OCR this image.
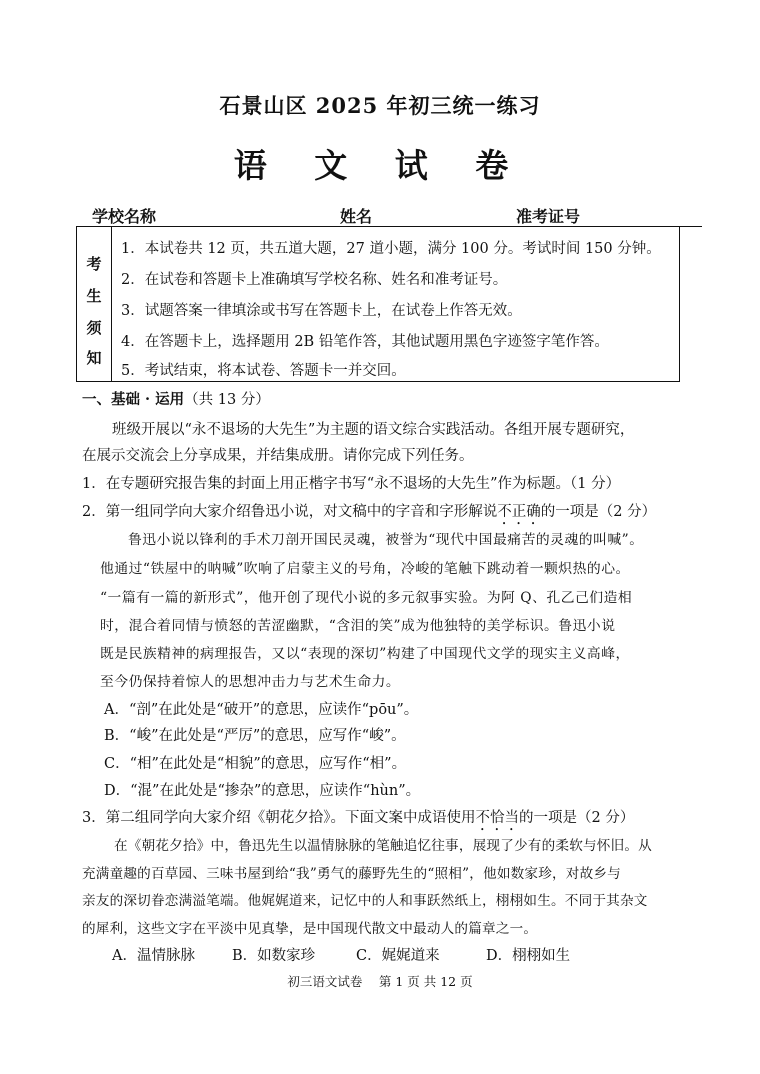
石景山区 2025 年初三统一练习
语 文 试 卷
学校名称	姓名	准考证号
考
生
须
知
1．本试卷共 12 页，共五道大题，27 道小题，满分 100 分。考试时间 150 分钟。
2．在试卷和答题卡上准确填写学校名称、姓名和准考证号。
3．试题答案一律填涂或书写在答题卡上，在试卷上作答无效。
4．在答题卡上，选择题用 2B 铅笔作答，其他试题用黑色字迹签字笔作答。
5．考试结束，将本试卷、答题卡一并交回。
一、基础 · 运用（共 13 分）
班级开展以“永不退场的大先生”为主题的语文综合实践活动。各组开展专题研究，
在展示交流会上分享成果，并结集成册。请你完成下列任务。
1．在专题研究报告集的封面上用正楷字书写“永不退场的大先生”作为标题。（1 分）
2．第一组同学向大家介绍鲁迅小说，对文稿中的字音和字形解说不正确的一项是（2 分）
鲁迅小说以锋利的手术刀剖开国民灵魂，被誉为“现代中国最痛苦的灵魂的叫喊”。
他通过“铁屋中的呐喊”吹响了启蒙主义的号角，冷峻的笔触下跳动着一颗炽热的心。
“一篇有一篇的新形式”，他开创了现代小说的多元叙事实验。为阿 Q、孔乙己们造相
时，混合着同情与愤怒的苦涩幽默，“含泪的笑”成为他独特的美学标识。鲁迅小说
既是民族精神的病理报告，又以“表现的深切”构建了中国现代文学的现实主义高峰，
至今仍保持着惊人的思想冲击力与艺术生命力。
A．“剖”在此处是“破开”的意思，应读作“pōu”。
B．“峻”在此处是“严厉”的意思，应写作“峻”。
C．“相”在此处是“相貌”的意思，应写作“相”。
D．“混”在此处是“掺杂”的意思，应读作“hùn”。
3．第二组同学向大家介绍《朝花夕拾》。下面文案中成语使用不恰当的一项是（2 分）
在《朝花夕拾》中，鲁迅先生以温情脉脉的笔触追忆往事，展现了少有的柔软与怀旧。从
充满童趣的百草园、三味书屋到给“我”勇气的藤野先生的“照相”，他如数家珍，对故乡与
亲友的深切眷恋满溢笔端。他娓娓道来，记忆中的人和事跃然纸上，栩栩如生。不同于其杂文
的犀利，这些文字在平淡中见真挚，是中国现代散文中最动人的篇章之一。
A．温情脉脉	B．如数家珍	C．娓娓道来	D．栩栩如生
初三语文试卷　 第 1 页 共 12 页
